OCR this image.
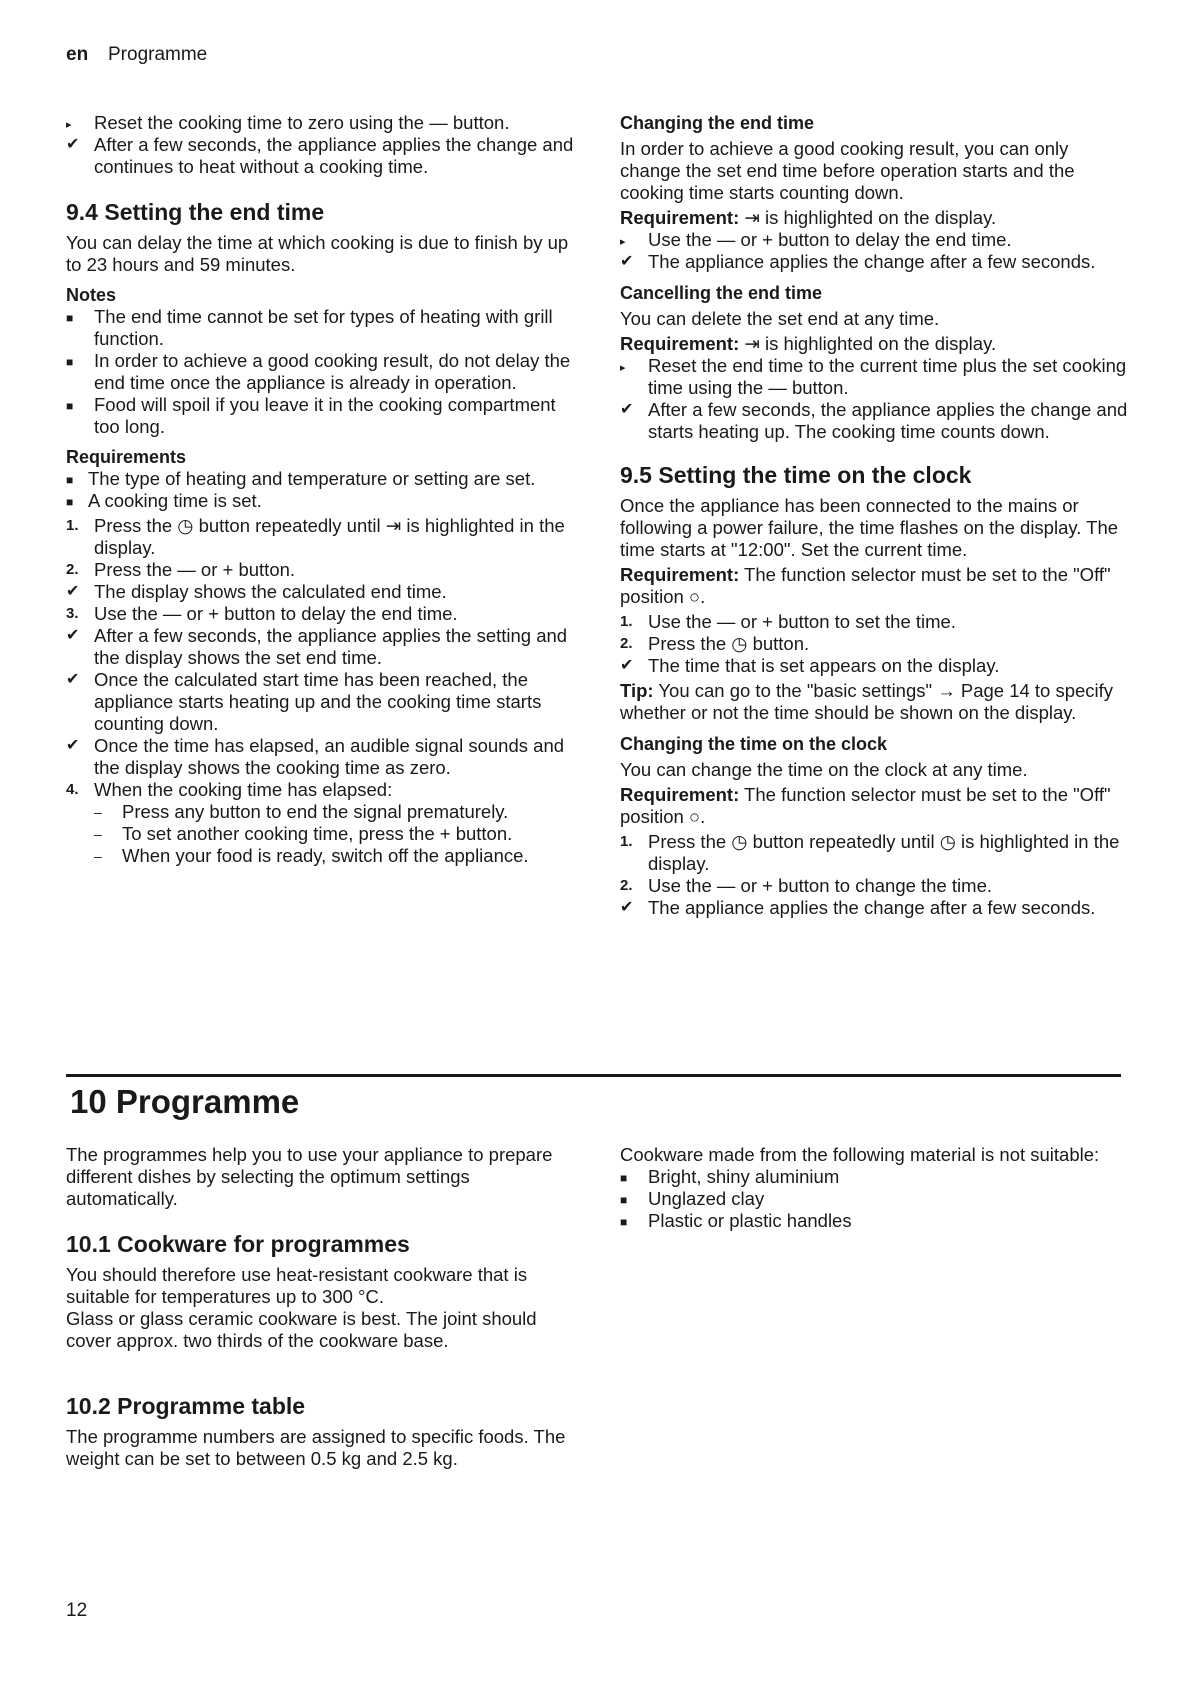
en Programme
▸	Reset the cooking time to zero using the — button.
✔ After a few seconds, the appliance applies the change and continues to heat without a cooking time.
9.4 Setting the end time

You can delay the time at which cooking is due to finish by up to 23 hours and 59 minutes.

Notes
■	The end time cannot be set for types of heating with grill function.
■	In order to achieve a good cooking result, do not delay the end time once the appliance is already in operation.
■	Food will spoil if you leave it in the cooking compartment too long.
Requirements
■ The type of heating and temperature or setting are set.
■ A cooking time is set.
1. Press the ◷ button repeatedly until ⇥ is highlighted in the display.
2. Press the — or + button.
✔ The display shows the calculated end time.
3. Use the — or + button to delay the end time.
✔ After a few seconds, the appliance applies the setting and the display shows the set end time.
✔ Once the calculated start time has been reached, the appliance starts heating up and the cooking time starts counting down.
✔ Once the time has elapsed, an audible signal sounds and the display shows the cooking time as zero.
4. When the cooking time has elapsed:
–	Press any button to end the signal prematurely.
–	To set another cooking time, press the + button.
–	When your food is ready, switch off the appliance.
Changing the end time

In order to achieve a good cooking result, you can only change the set end time before operation starts and the cooking time starts counting down.

Requirement: ⇥ is highlighted on the display.

▸	Use the — or + button to delay the end time.
✔ The appliance applies the change after a few seconds.
Cancelling the end time

You can delete the set end at any time.

Requirement: ⇥ is highlighted on the display.

▸	Reset the end time to the current time plus the set cooking time using the — button.
✔ After a few seconds, the appliance applies the change and starts heating up. The cooking time counts down.
9.5 Setting the time on the clock

Once the appliance has been connected to the mains or following a power failure, the time flashes on the display. The time starts at "12:00". Set the current time.

Requirement: The function selector must be set to the "Off" position ○.

1. Use the — or + button to set the time.
2. Press the ◷ button.
✔ The time that is set appears on the display.

Tip: You can go to the "basic settings" → Page 14 to specify whether or not the time should be shown on the display.

Changing the time on the clock

You can change the time on the clock at any time.

Requirement: The function selector must be set to the "Off" position ○.

1. Press the ◷ button repeatedly until ◷ is highlighted in the display.
2. Use the — or + button to change the time.
✔ The appliance applies the change after a few seconds.
10 Programme

The programmes help you to use your appliance to prepare different dishes by selecting the optimum settings automatically.

10.1 Cookware for programmes

You should therefore use heat-resistant cookware that is suitable for temperatures up to 300 °C.

Glass or glass ceramic cookware is best. The joint should cover approx. two thirds of the cookware base.

10.2 Programme table

The programme numbers are assigned to specific foods. The weight can be set to between 0.5 kg and 2.5 kg.

Cookware made from the following material is not suitable:

■	Bright, shiny aluminium
■	Unglazed clay
■	Plastic or plastic handles
12
